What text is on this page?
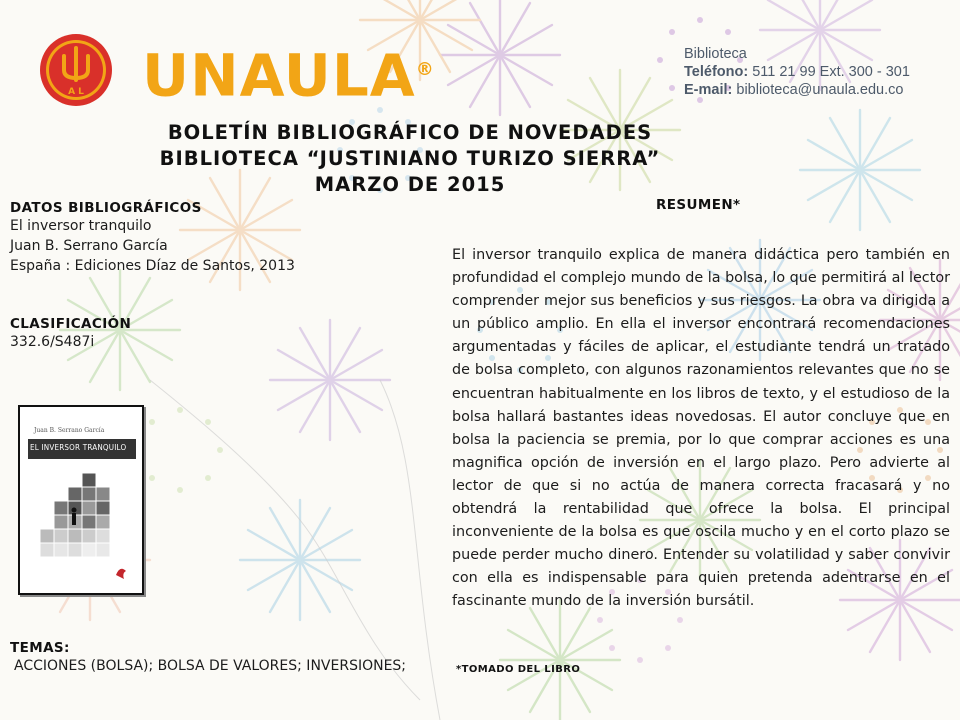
A L UNAULA®
Biblioteca
Teléfono: 511 21 99 Ext. 300 - 301
E-mail: biblioteca@unaula.edu.co
BOLETÍN BIBLIOGRÁFICO DE NOVEDADES
BIBLIOTECA “JUSTINIANO TURIZO SIERRA”
MARZO DE 2015
DATOS BIBLIOGRÁFICOS
El inversor tranquilo
Juan B. Serrano García
España : Ediciones Díaz de Santos, 2013
CLASIFICACIÓN
332.6/S487i
Juan B. Serrano García
EL INVERSOR TRANQUILO
TEMAS:
ACCIONES (BOLSA); BOLSA DE VALORES; INVERSIONES;
RESUMEN*

El inversor tranquilo explica de manera didáctica pero también en profundidad el complejo mundo de la bolsa, lo que permitirá al lector comprender mejor sus beneficios y sus riesgos. La obra va dirigida a un público amplio. En ella el inversor encontrará recomendaciones argumentadas y fáciles de aplicar, el estudiante tendrá un tratado de bolsa completo, con algunos razonamientos relevantes que no se encuentran habitualmente en los libros de texto, y el estudioso de la bolsa hallará bastantes ideas novedosas. El autor concluye que en bolsa la paciencia se premia, por lo que comprar acciones es una magnifica opción de inversión en el largo plazo. Pero advierte al lector de que si no actúa de manera correcta fracasará y no obtendrá la rentabilidad que ofrece la bolsa. El principal inconveniente de la bolsa es que oscila mucho y en el corto plazo se puede perder mucho dinero. Entender su volatilidad y saber convivir con ella es indispensable para quien pretenda adentrarse en el fascinante mundo de la inversión bursátil.

*TOMADO DEL LIBRO
